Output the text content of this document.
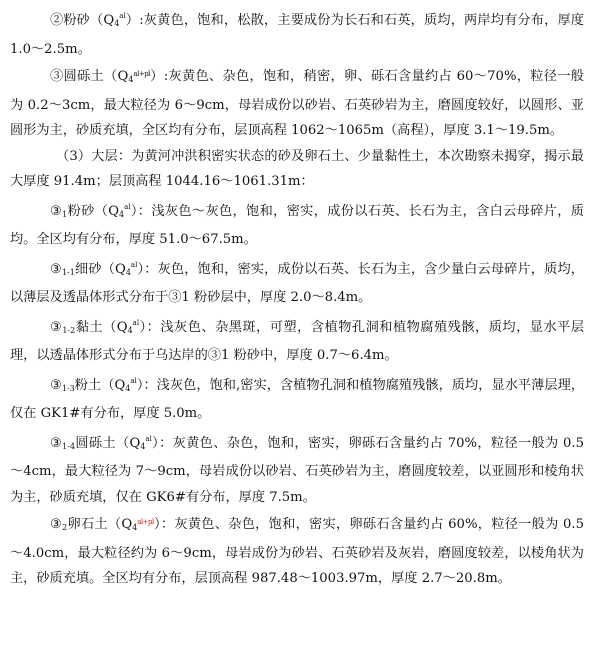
②粉砂$(Q_4^{al})$:灰黄色，饱和，松散，主要成份为长石和石英，质均，两岸均有分布，厚度 1.0～2.5m。

③圆砾土$(Q_4^{al+pl})$:灰黄色、杂色，饱和，稍密，卵、砾石含量约占 60～70%，粒径一般为 0.2～3cm，最大粒径为 6～9cm，母岩成份以砂岩、石英砂岩为主，磨圆度较好，以圆形、亚圆形为主，砂质充填，全区均有分布，层顶高程 1062～1065m（高程），厚度 3.1～19.5m。

（3）大层：为黄河冲洪积密实状态的砂及卵石土、少量黏性土，本次勘察未揭穿，揭示最大厚度 91.4m；层顶高程 1044.16～1061.31m：

$③_1$粉砂$(Q_4^{al})$：浅灰色～灰色，饱和，密实，成份以石英、长石为主，含白云母碎片，质均。全区均有分布，厚度 51.0～67.5m。

$③_{1-1}$细砂$(Q_4^{al})$：灰色，饱和，密实，成份以石英、长石为主，含少量白云母碎片，质均，以薄层及透晶体形式分布于③1 粉砂层中，厚度 2.0～8.4m。

$③_{1-2}$黏土$(Q_4^{al})$：浅灰色、杂黑斑，可塑，含植物孔洞和植物腐殖残骸，质均，显水平层理，以透晶体形式分布于乌达岸的③1 粉砂中，厚度 0.7～6.4m。

$③_{1-3}$粉土$(Q_4^{al})$：浅灰色，饱和,密实，含植物孔洞和植物腐殖残骸，质均，显水平薄层理，仅在 GK1#有分布，厚度 5.0m。

$③_{1-4}$圆砾土$(Q_4^{al})$：灰黄色、杂色，饱和，密实，卵砾石含量约占 70%，粒径一般为 0.5～4cm，最大粒径为 7～9cm，母岩成份以砂岩、石英砂岩为主，磨圆度较差，以亚圆形和棱角状为主，砂质充填，仅在 GK6#有分布，厚度 7.5m。

$③_2$卵石土$(Q_4^{al+pl})$：灰黄色、杂色，饱和，密实，卵砾石含量约占 60%，粒径一般为 0.5～4.0cm，最大粒径约为 6～9cm，母岩成份为砂岩、石英砂岩及灰岩，磨圆度较差，以棱角状为主，砂质充填。全区均有分布，层顶高程 987.48～1003.97m，厚度 2.7～20.8m。
